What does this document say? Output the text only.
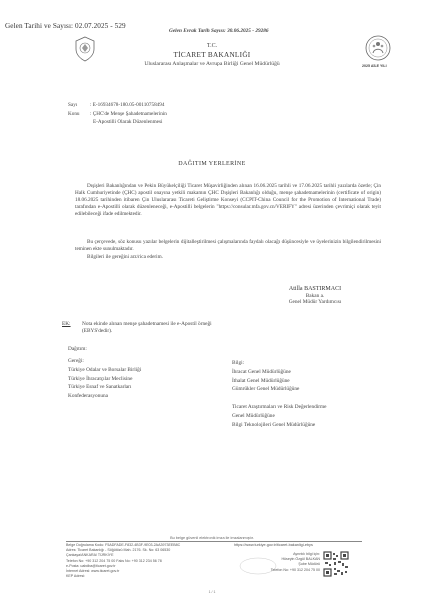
Gelen Tarihi ve Sayısı: 02.07.2025 - 529
Gelen Evrak Tarih Sayısı: 30.06.2025 - 29286
T.C.
TİCARET BAKANLIĞI
Uluslararası Anlaşmalar ve Avrupa Birliği Genel Müdürlüğü	2025 AİLE YILI
Sayı : E-16934678-180.05-00110758494
Konu : ÇHC'de Menşe Şahadetnamelerinin
E-Apostilli Olarak Düzenlenmesi
DAĞITIM YERLERİNE
Dışişleri Bakanlığından ve Pekin Büyükelçiliği Ticaret Müşavirliğinden alınan 16.06.2025 tarihli ve 17.06.2025 tarihli yazılarda özetle; Çin Halk Cumhuriyetinde (ÇHC) apostil onayına yetkili makamın ÇHC Dışişleri Bakanlığı olduğu, menşe şahadetnamelerinin (certificate of origin) 18.06.2025 tarihinden itibaren Çin Uluslararası Ticareti Geliştirme Konseyi (CCPIT-China Council for the Promotion of International Trade) tarafından e-Apostilli olarak düzenleneceği, e-Apostilli belgelerin "https://consular.mfa.gov.cn/VERIFY" adresi üzerinden çevrimiçi olarak teyit edilebileceği ifade edilmektedir.
Bu çerçevede, söz konusu yazılar belgelerin dijitalleştirilmesi çalışmalarında faydalı olacağı düşüncesiyle ve üyelerinizin bilgilendirilmesini teminen ekte sunulmaktadır.
Bilgileri ile gereğini arz/rica ederim.
Atilla BASTIRMACI
Bakan a.
Genel Müdür Yardımcısı
EK: Nota ekinde alınan menşe şahadetnamesi ile e-Apostil örneği
(EBYS'dedir).
Dağıtım:
Gereği:
Türkiye Odalar ve Borsalar Birliği
Türkiye İhracatçılar Meclisine
Türkiye Esnaf ve Sanatkarları
Konfederasyonuna
Bilgi:
İhracat Genel Müdürlüğüne
İthalat Genel Müdürlüğüne
Gümrükler Genel Müdürlüğüne
Ticaret Araştırmaları ve Risk Değerlendirme
Genel Müdürlüğüne
Bilgi Teknolojileri Genel Müdürlüğüne
Bu belge güvenli elektronik imza ile imzalanmıştır.
Belge Doğrulama Kodu: F5ADFADE-F832-4B3F-9E03-2AA3973EEB8C
Adres: Ticaret Bakanlığı - Söğütözü Mah. 2176. Sk. No: 63 06530
Çankaya/ANKARA/ TÜRKİYE
Telefon No: +90 312 204 75 00 Faks No: +90 312 234 56 78
e-Posta: uabdba@ticaret.gov.tr
İnternet Adresi: www.ticaret.gov.tr
KEP Adresi:
https://www.turkiye.gov.tr/ticaret-bakanligi-ebys
Ayrıntılı bilgi için:
Hüseyin Özgül BALKAN
Şube Müdürü
Telefon No: +90 312 204 75 00
1 / 1
